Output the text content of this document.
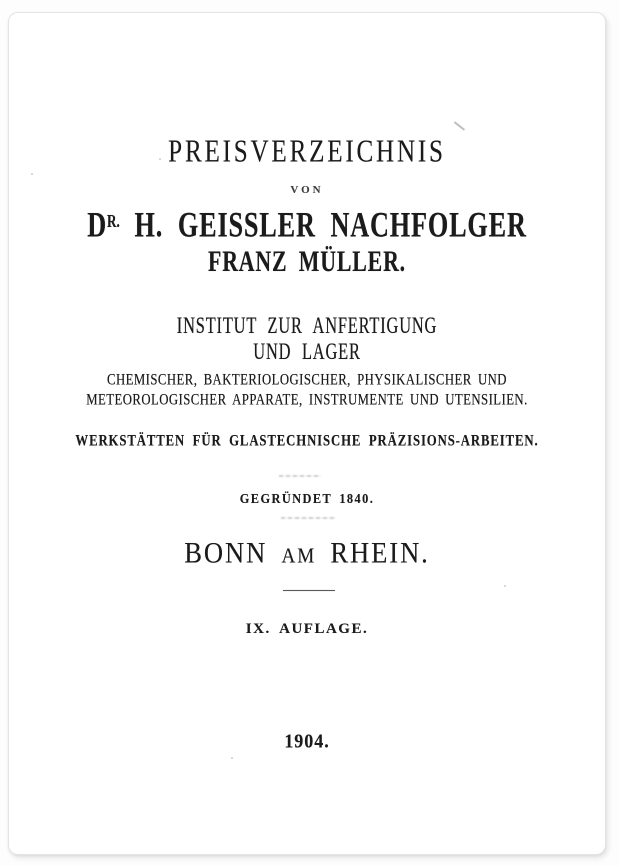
PREISVERZEICHNIS
VON
$D^{R.}$ H. GEISSLER NACHFOLGER
FRANZ MÜLLER.
INSTITUT ZUR ANFERTIGUNG
UND LAGER
CHEMISCHER, BAKTERIOLOGISCHER, PHYSIKALISCHER UND
METEOROLOGISCHER APPARATE, INSTRUMENTE UND UTENSILIEN.
WERKSTÄTTEN FÜR GLASTECHNISCHE PRÄZISIONS-ARBEITEN.
GEGRÜNDET 1840.
BONN AM RHEIN.
IX. AUFLAGE.
1904.
